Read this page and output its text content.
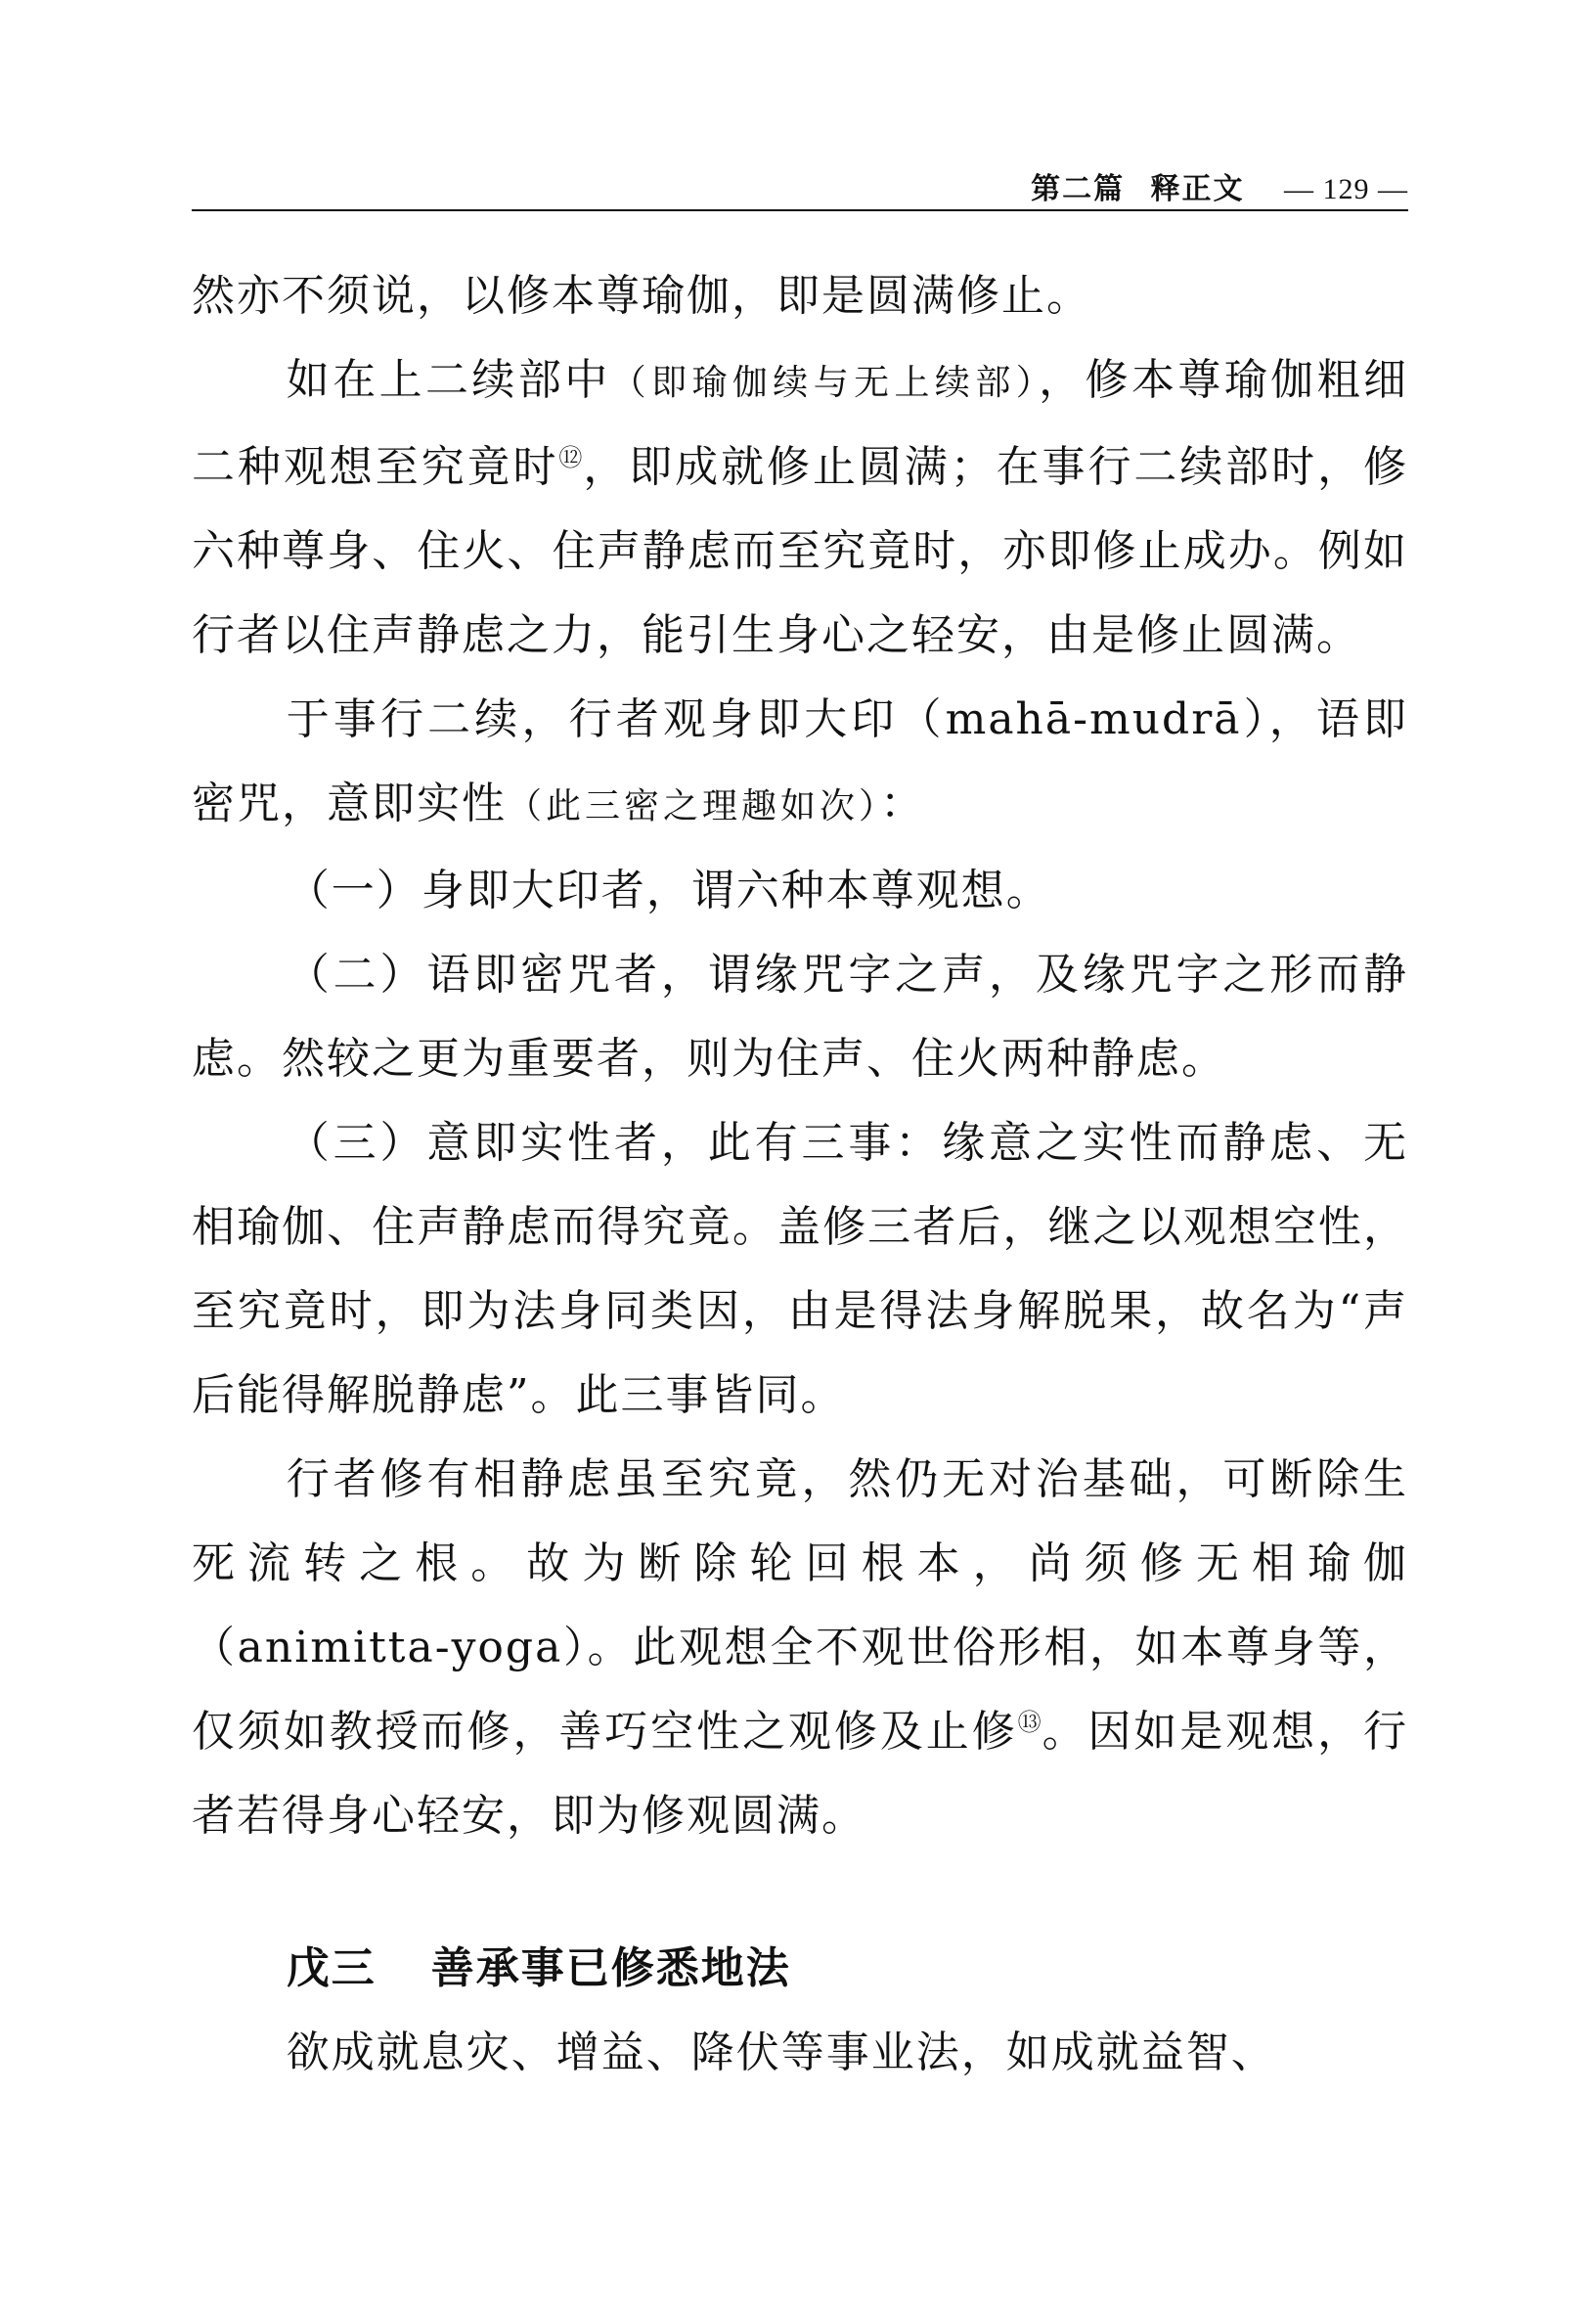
第二篇 释正文 — 129 —

然亦不须说，以修本尊瑜伽，即是圆满修止。

如在上二续部中（即瑜伽续与无上续部），修本尊瑜伽粗细二种观想至究竟时⑫，即成就修止圆满；在事行二续部时，修六种尊身、住火、住声静虑而至究竟时，亦即修止成办。例如行者以住声静虑之力，能引生身心之轻安，由是修止圆满。

于事行二续，行者观身即大印（mahā-mudrā），语即密咒，意即实性（此三密之理趣如次）：

（一）身即大印者，谓六种本尊观想。

（二）语即密咒者，谓缘咒字之声，及缘咒字之形而静虑。然较之更为重要者，则为住声、住火两种静虑。

（三）意即实性者，此有三事：缘意之实性而静虑、无相瑜伽、住声静虑而得究竟。盖修三者后，继之以观想空性，至究竟时，即为法身同类因，由是得法身解脱果，故名为“声后能得解脱静虑”。此三事皆同。

行者修有相静虑虽至究竟，然仍无对治基础，可断除生死流转之根。故为断除轮回根本，尚须修无相瑜伽（animitta-yoga）。此观想全不观世俗形相，如本尊身等，仅须如教授而修，善巧空性之观修及止修⑬。因如是观想，行者若得身心轻安，即为修观圆满。

戊三 善承事已修悉地法

欲成就息灾、增益、降伏等事业法，如成就益智、
